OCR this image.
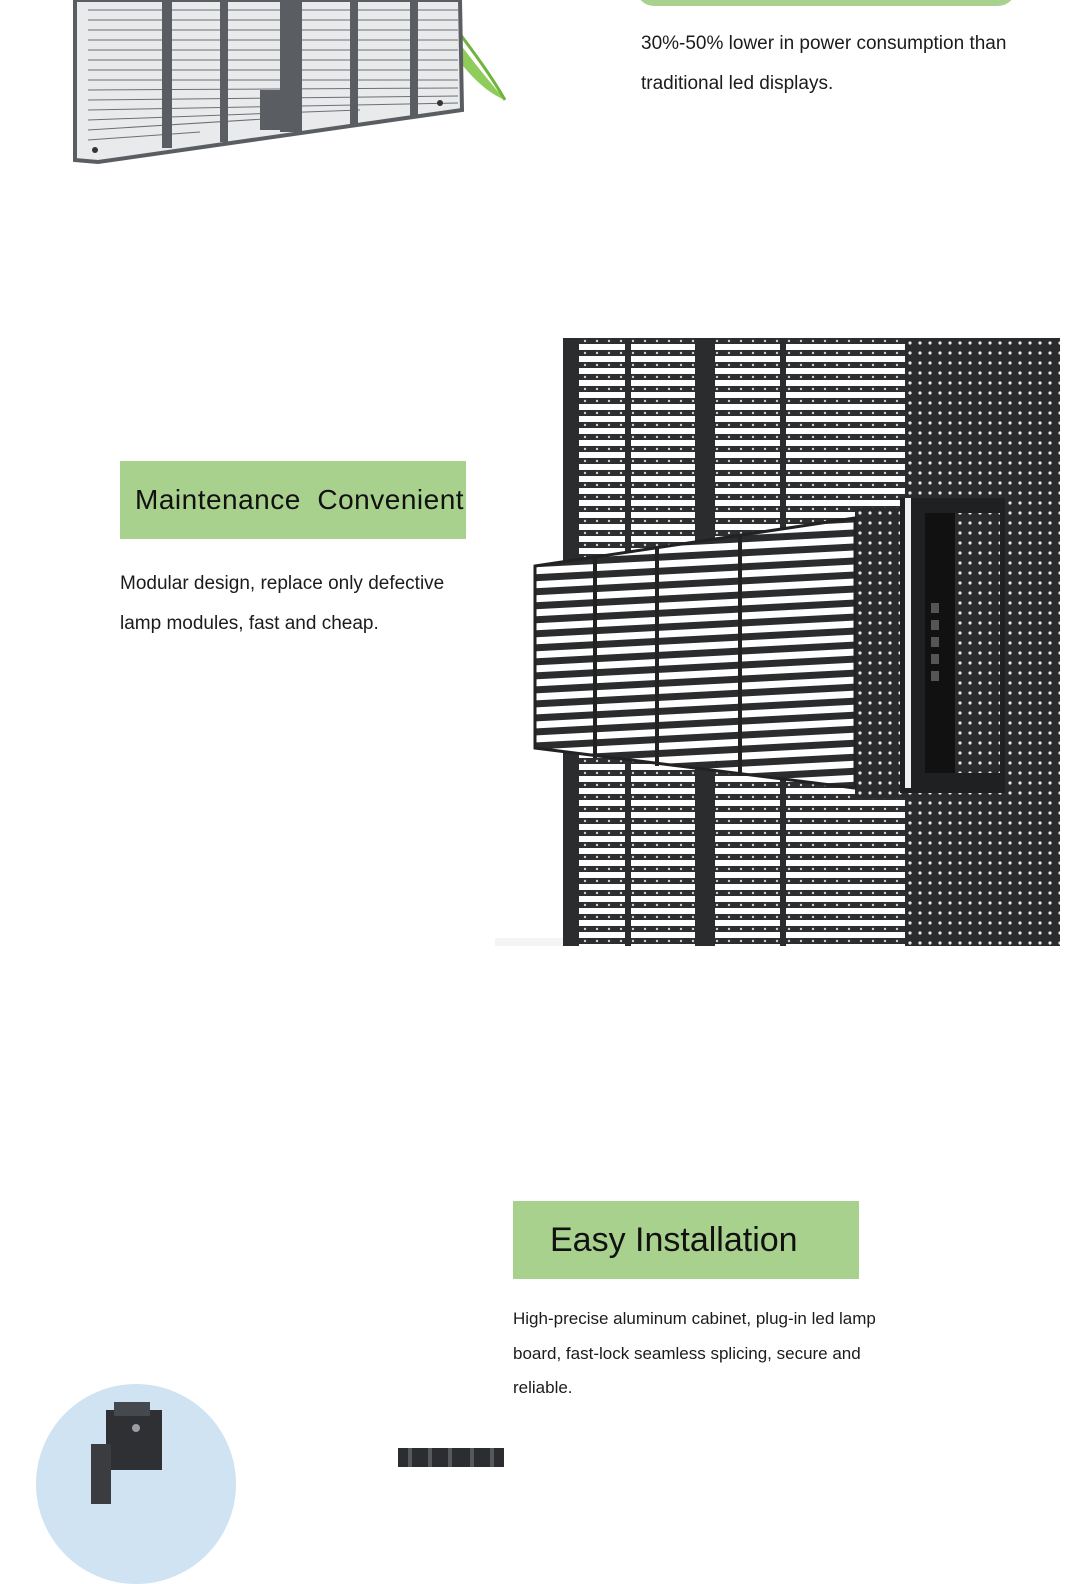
30%-50% lower in power consumption than traditional led displays.
Maintenance  Convenient
Modular design, replace only defective lamp modules, fast and cheap.
Easy Installation
High-precise aluminum cabinet, plug-in led lamp board, fast-lock seamless splicing, secure and reliable.
